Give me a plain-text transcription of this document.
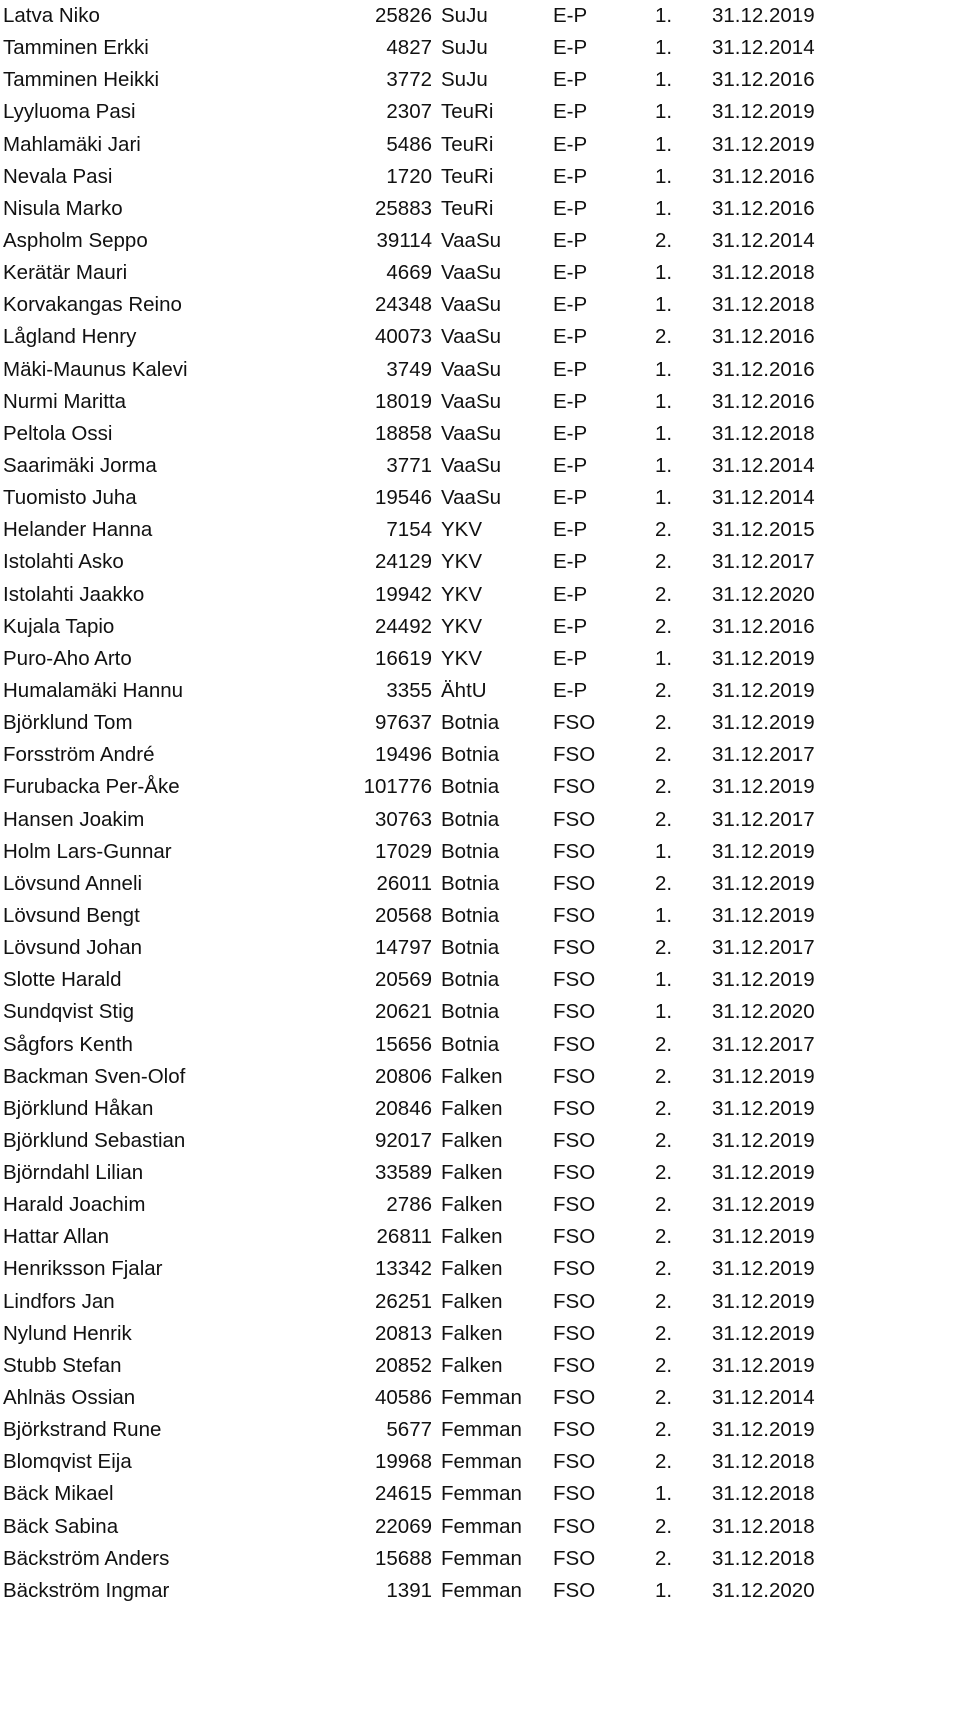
Latva Niko	25826 SuJu	E-P	1. 31.12.2019
Tamminen Erkki	4827 SuJu	E-P	1. 31.12.2014
Tamminen Heikki	3772 SuJu	E-P	1. 31.12.2016
Lyyluoma Pasi	2307 TeuRi	E-P	1. 31.12.2019
Mahlamäki Jari	5486 TeuRi	E-P	1. 31.12.2019
Nevala Pasi	1720 TeuRi	E-P	1. 31.12.2016
Nisula Marko	25883 TeuRi	E-P	1. 31.12.2016
Aspholm Seppo	39114 VaaSu	E-P	2. 31.12.2014
Kerätär Mauri	4669 VaaSu	E-P	1. 31.12.2018
Korvakangas Reino	24348 VaaSu	E-P	1. 31.12.2018
Lågland Henry	40073 VaaSu	E-P	2. 31.12.2016
Mäki-Maunus Kalevi	3749 VaaSu	E-P	1. 31.12.2016
Nurmi Maritta	18019 VaaSu	E-P	1. 31.12.2016
Peltola Ossi	18858 VaaSu	E-P	1. 31.12.2018
Saarimäki Jorma	3771 VaaSu	E-P	1. 31.12.2014
Tuomisto Juha	19546 VaaSu	E-P	1. 31.12.2014
Helander Hanna	7154 YKV	E-P	2. 31.12.2015
Istolahti Asko	24129 YKV	E-P	2. 31.12.2017
Istolahti Jaakko	19942 YKV	E-P	2. 31.12.2020
Kujala Tapio	24492 YKV	E-P	2. 31.12.2016
Puro-Aho Arto	16619 YKV	E-P	1. 31.12.2019
Humalamäki Hannu	3355 ÄhtU	E-P	2. 31.12.2019
Björklund Tom	97637 Botnia	FSO	2. 31.12.2019
Forsström André	19496 Botnia	FSO	2. 31.12.2017
Furubacka Per-Åke	101776 Botnia	FSO	2. 31.12.2019
Hansen Joakim	30763 Botnia	FSO	2. 31.12.2017
Holm Lars-Gunnar	17029 Botnia	FSO	1. 31.12.2019
Lövsund Anneli	26011 Botnia	FSO	2. 31.12.2019
Lövsund Bengt	20568 Botnia	FSO	1. 31.12.2019
Lövsund Johan	14797 Botnia	FSO	2. 31.12.2017
Slotte Harald	20569 Botnia	FSO	1. 31.12.2019
Sundqvist Stig	20621 Botnia	FSO	1. 31.12.2020
Sågfors Kenth	15656 Botnia	FSO	2. 31.12.2017
Backman Sven-Olof	20806 Falken FSO	2. 31.12.2019
Björklund Håkan	20846 Falken FSO	2. 31.12.2019
Björklund Sebastian	92017 Falken FSO	2. 31.12.2019
Björndahl Lilian	33589 Falken FSO	2. 31.12.2019
Harald Joachim	2786 Falken FSO	2. 31.12.2019
Hattar Allan	26811 Falken FSO	2. 31.12.2019
Henriksson Fjalar	13342 Falken FSO	2. 31.12.2019
Lindfors Jan	26251 Falken FSO	2. 31.12.2019
Nylund Henrik	20813 Falken FSO	2. 31.12.2019
Stubb Stefan	20852 Falken FSO	2. 31.12.2019
Ahlnäs Ossian	40586 Femman FSO	2. 31.12.2014
Björkstrand Rune	5677 Femman FSO	2. 31.12.2019
Blomqvist Eija	19968 Femman FSO	2. 31.12.2018
Bäck Mikael	24615 Femman FSO	1. 31.12.2018
Bäck Sabina	22069 Femman FSO	2. 31.12.2018
Bäckström Anders	15688 Femman FSO	2. 31.12.2018
Bäckström Ingmar	1391 Femman FSO	1. 31.12.2020
